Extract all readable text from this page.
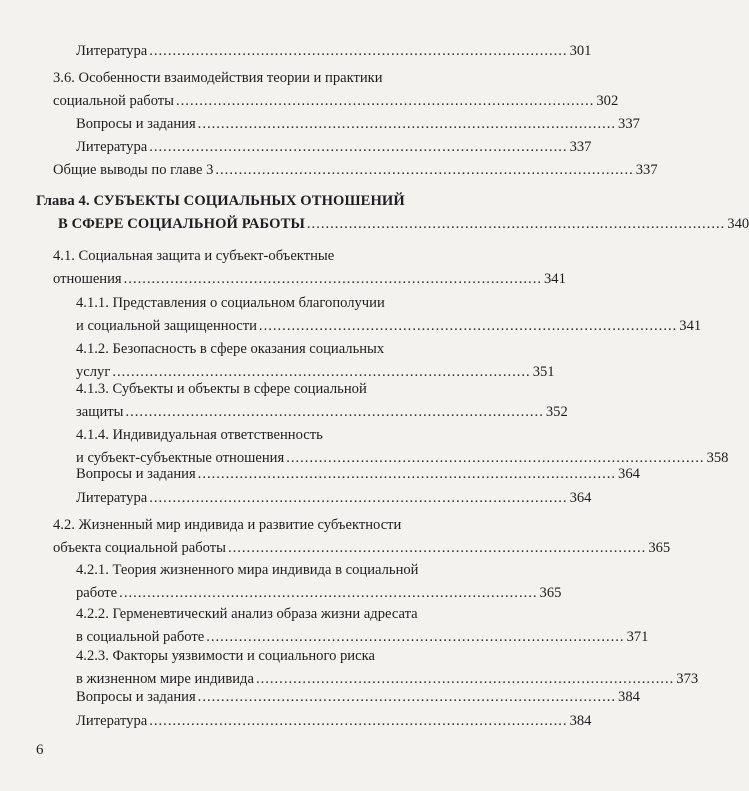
Литература .......................................................................................... 301
3.6. Особенности взаимодействия теории и практики
социальной работы .......................................................................................... 302
Вопросы и задания .......................................................................................... 337
Литература .......................................................................................... 337
Общие выводы по главе 3 .......................................................................................... 337
Глава 4. СУБЪЕКТЫ СОЦИАЛЬНЫХ ОТНОШЕНИЙ
В СФЕРЕ СОЦИАЛЬНОЙ РАБОТЫ .......................................................................................... 340
4.1. Социальная защита и субъект-объектные
отношения .......................................................................................... 341
4.1.1. Представления о социальном благополучии
и социальной защищенности .......................................................................................... 341
4.1.2. Безопасность в сфере оказания социальных
услуг .......................................................................................... 351
4.1.3. Субъекты и объекты в сфере социальной
защиты .......................................................................................... 352
4.1.4. Индивидуальная ответственность
и субъект-субъектные отношения .......................................................................................... 358
Вопросы и задания .......................................................................................... 364
Литература .......................................................................................... 364
4.2. Жизненный мир индивида и развитие субъектности
объекта социальной работы .......................................................................................... 365
4.2.1. Теория жизненного мира индивида в социальной
работе .......................................................................................... 365
4.2.2. Герменевтический анализ образа жизни адресата
в социальной работе .......................................................................................... 371
4.2.3. Факторы уязвимости и социального риска
в жизненном мире индивида .......................................................................................... 373
Вопросы и задания .......................................................................................... 384
Литература .......................................................................................... 384
6
